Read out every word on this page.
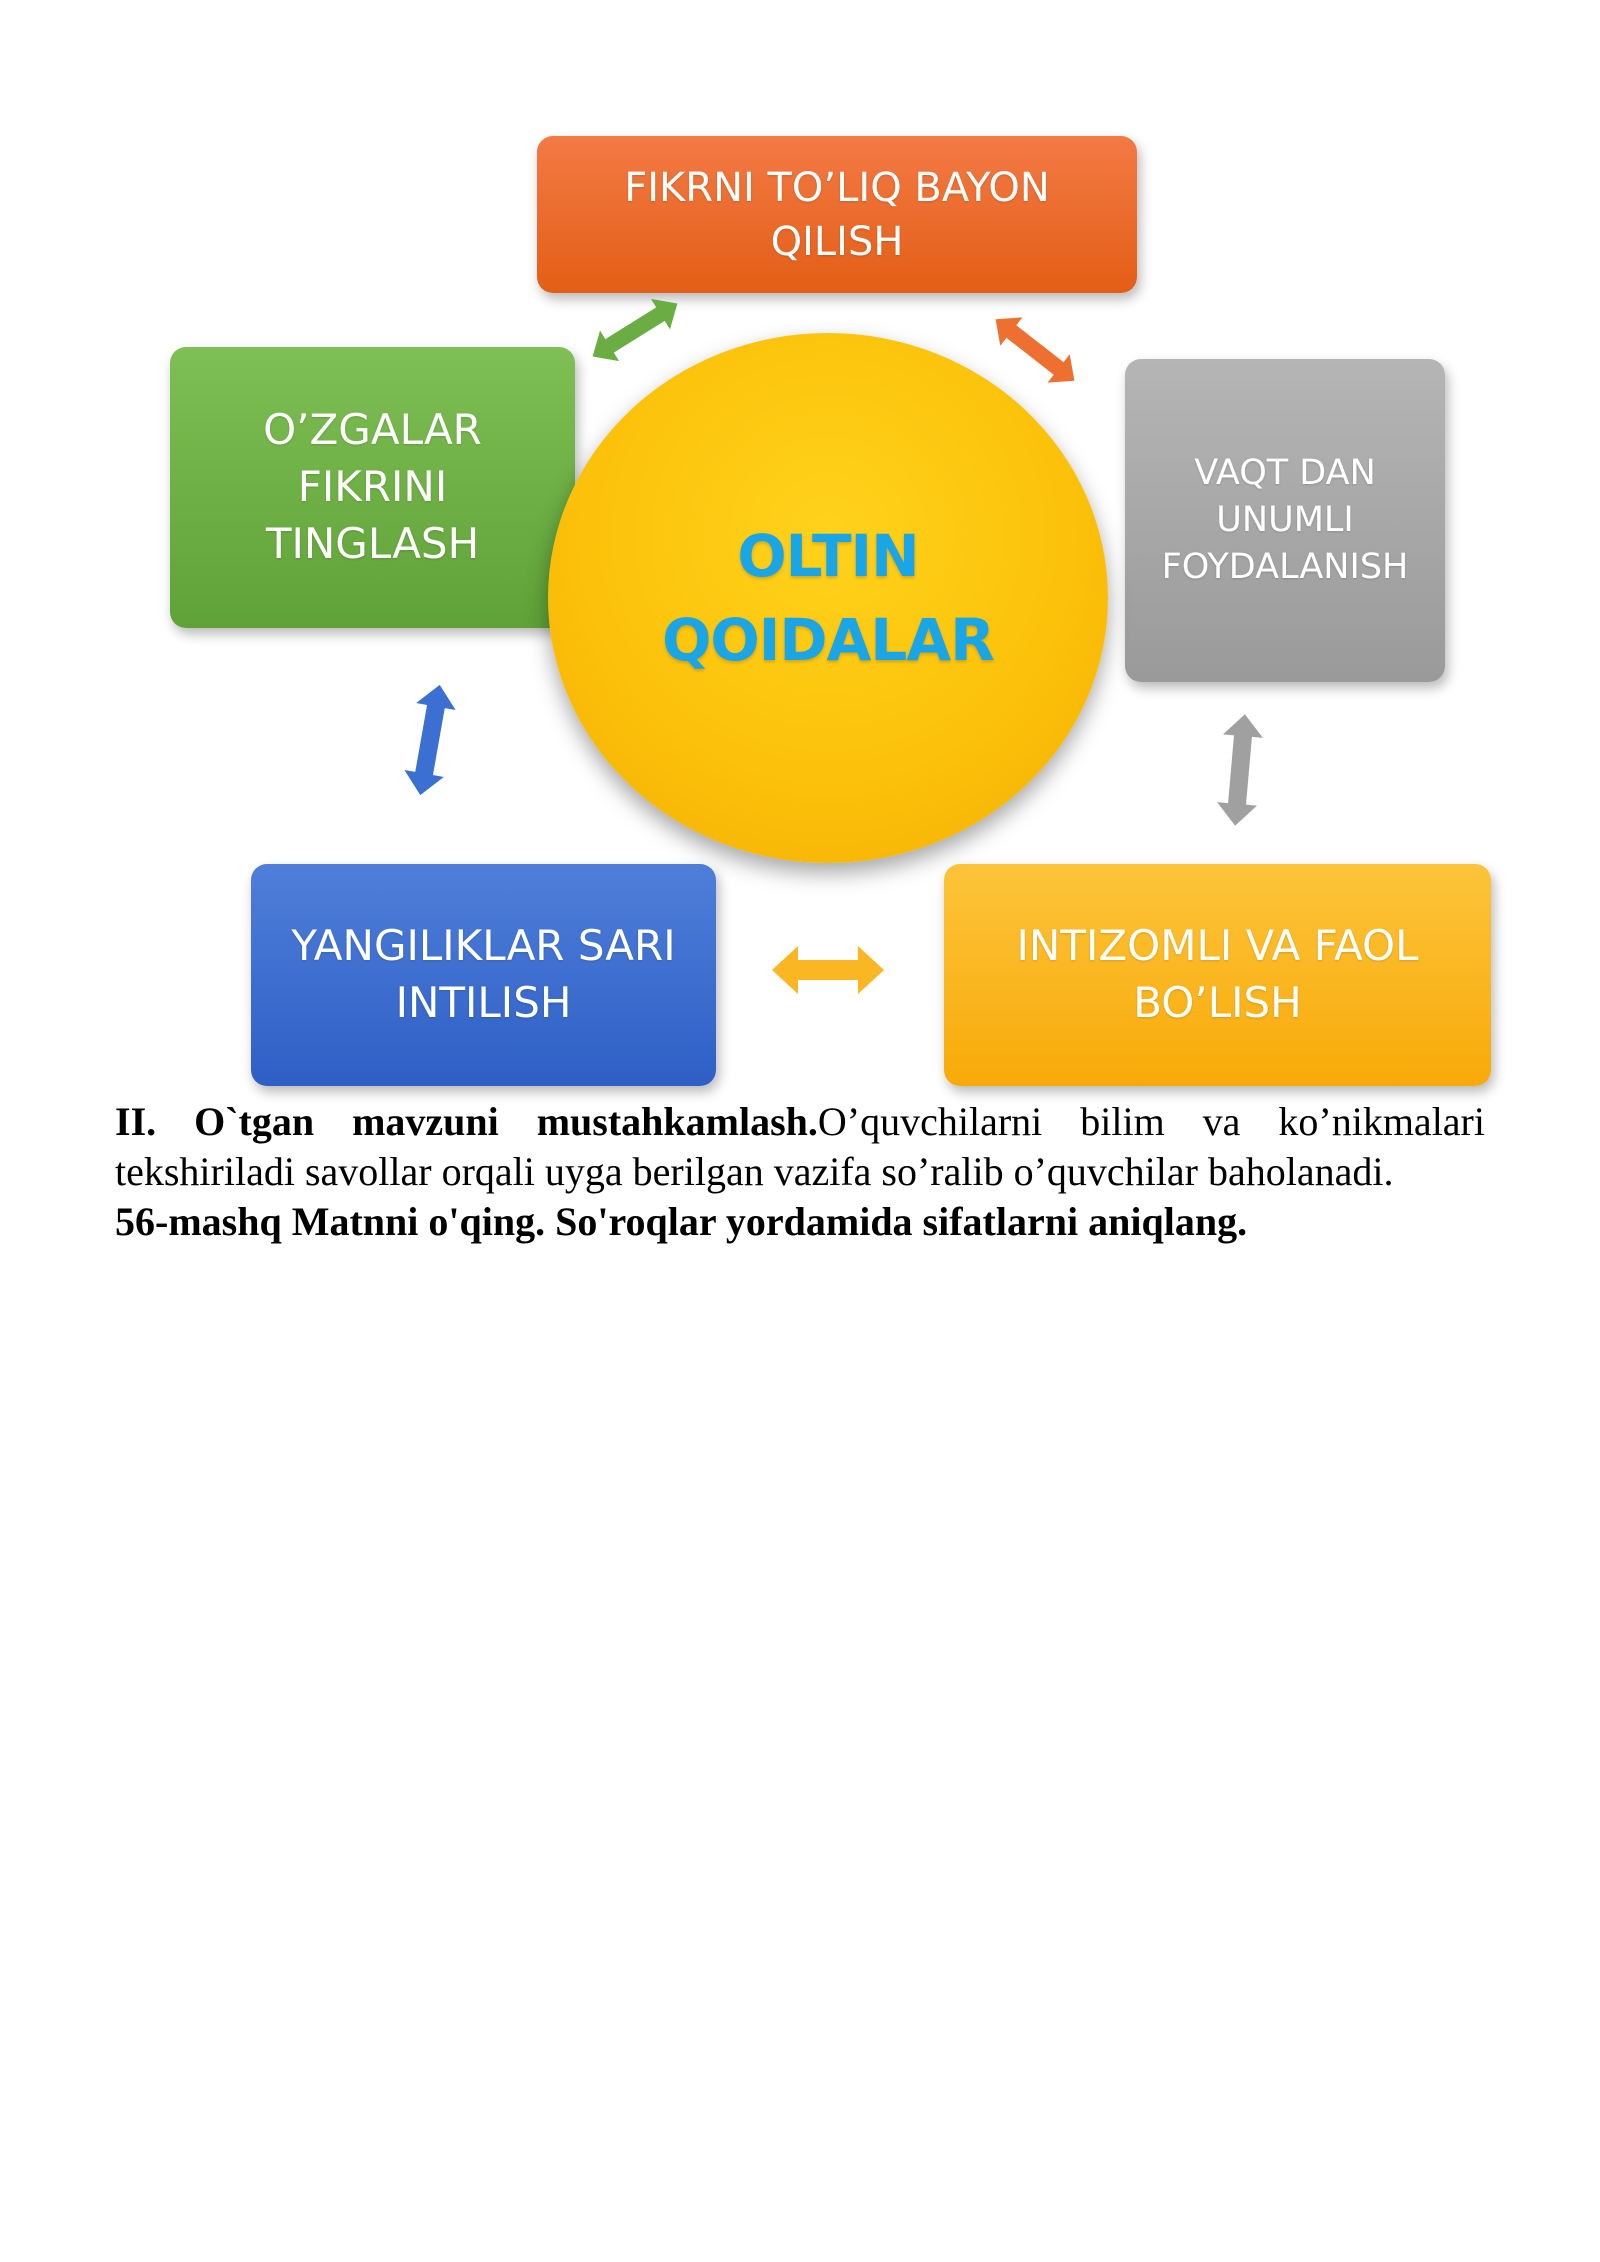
FIKRNI TO’LIQ BAYON
QILISH
O’ZGALAR
FIKRINI
TINGLASH
VAQT DAN
UNUMLI
FOYDALANISH
YANGILIKLAR SARI
INTILISH
INTIZOMLI VA FAOL
BO’LISH
OLTIN
QOIDALAR

II. O`tgan mavzuni mustahkamlash.O’quvchilarni bilim va ko’nikmalari tekshiriladi savollar orqali uyga berilgan vazifa so’ralib o’quvchilar baholanadi.

56-mashq Matnni o'qing. So'roqlar yordamida sifatlarni aniqlang.
